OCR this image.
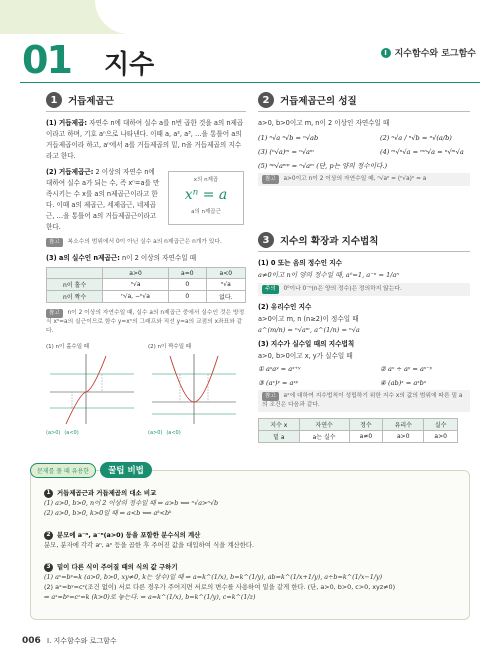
01 지수	I 지수함수와 로그함수
1	거듭제곱근
(1) 거듭제곱: 자연수 n에 대하여 실수 a를 n번 곱한 것을 a의 n제곱이라고 하며, 기호 aⁿ으로 나타낸다. 이때 a, a², a³, …을 통틀어 a의 거듭제곱이라 하고, aⁿ에서 a를 거듭제곱의 밑, n을 거듭제곱의 지수라고 한다.
(2) 거듭제곱근: 2 이상의 자연수 n에 대하여 실수 a가 되는 수, 즉 xⁿ=a를 만족시키는 수 x를 a의 n제곱근이라고 한다. 이때 a의 제곱근, 세제곱근, 네제곱근, …을 통틀어 a의 거듭제곱근이라고 한다.
x의 n제곱
xⁿ = a
a의 n제곱근
참고 복소수의 범위에서 0이 아닌 실수 a의 n제곱근은 n개가 있다.
(3) a의 실수인 n제곱근: n이 2 이상의 자연수일 때
	a>0	a=0	a<0
n이 홀수	ⁿ√a	0	ⁿ√a
n이 짝수	ⁿ√a, −ⁿ√a	0	없다.
참고 n이 2 이상의 자연수일 때, 실수 a의 n제곱근 중에서 실수인 것은 방정식 xⁿ=a의 실근이므로 함수 y=xⁿ의 그래프와 직선 y=a의 교점의 x좌표와 같다.
(1) n이 홀수일 때
(a>0) (a<0)
(2) n이 짝수일 때
(a>0) (a<0)
2	거듭제곱근의 성질
a>0, b>0이고 m, n이 2 이상인 자연수일 때
(1) ⁿ√a ⁿ√b = ⁿ√ab	(2) ⁿ√a / ⁿ√b = ⁿ√(a/b)
(3) (ⁿ√a)ᵐ = ⁿ√aᵐ	(4) ᵐ√ⁿ√a = ᵐⁿ√a = ⁿ√ᵐ√a
(5) ⁿᵖ√aᵐᵖ = ⁿ√aᵐ (단, p는 양의 정수이다.)
참고 a>0이고 n이 2 이상의 자연수일 때, ⁿ√aⁿ = (ⁿ√a)ⁿ = a
3	지수의 확장과 지수법칙
(1) 0 또는 음의 정수인 지수
a≠0이고 n이 양의 정수일 때, a⁰=1, a⁻ⁿ = 1/aⁿ
주의 0⁰이나 0⁻ⁿ(n은 양의 정수)은 정의하지 않는다.
(2) 유리수인 지수
a>0이고 m, n (n≥2)이 정수일 때
a^(m/n) = ⁿ√aᵐ, a^(1/n) = ⁿ√a
(3) 지수가 실수일 때의 지수법칙
a>0, b>0이고 x, y가 실수일 때
① aˣaʸ = aˣ⁺ʸ	② aˣ ÷ aʸ = aˣ⁻ʸ
③ (aˣ)ʸ = aˣʸ	④ (ab)ˣ = aˣbˣ
참고 aˣ에 대하여 지수법칙이 성립하기 위한 지수 x의 값의 범위에 따른 밑 a의 조건은 다음과 같다.
지수 x	자연수	정수	유리수	실수
밑 a	a는 실수	a≠0	a>0	a>0
문제를 풀 때 유용한	꿀팁 비법
1	거듭제곱근과 거듭제곱의 대소 비교
(1) a>0, b>0, n이 2 이상의 정수일 때 ⇒ a>b ⟺ ⁿ√a>ⁿ√b
(2) a>0, b>0, k>0일 때 ⇒ a<b ⟺ aᵏ<bᵏ
2	분모에 a⁻ⁿ, a⁻ⁿ(a>0) 등을 포함한 분수식의 계산
분모, 분자에 각각 aⁿ, aⁿ 등을 곱한 후 주어진 값을 대입하여 식을 계산한다.
3	밑이 다른 식이 주어질 때의 식의 값 구하기
(1) aˣ=bʸ=k (a>0, b>0, xy≠0, k는 상수)일 때 ⇒ a=k^(1/x), b=k^(1/y), ab=k^(1/x+1/y), a÷b=k^(1/x−1/y)
(2) aˣ=bʸ=cᶻ(조건 없이) 서로 다른 경우가 주어지면 서로의 변수를 사용하여 밑을 같게 한다. (단, a>0, b>0, c>0, xyz≠0)
⇒ aˣ=bʸ=cᶻ=k (k>0)로 놓는다. ⇒ a=k^(1/x), b=k^(1/y), c=k^(1/z)
006 I. 지수함수와 로그함수
